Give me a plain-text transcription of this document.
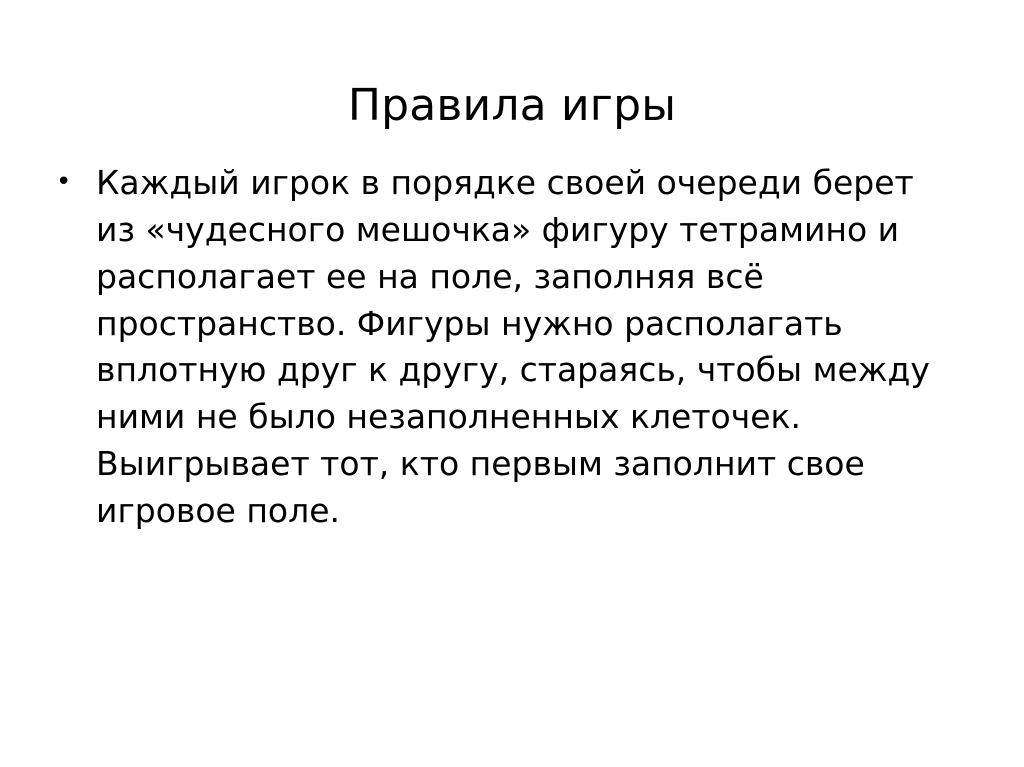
Правила игры
• Каждый игрок в порядке своей очереди берет из «чудесного мешочка» фигуру тетрамино и располагает ее на поле, заполняя всё пространство. Фигуры нужно располагать вплотную друг к другу, стараясь, чтобы между ними не было незаполненных клеточек. Выигрывает тот, кто первым заполнит свое игровое поле.
